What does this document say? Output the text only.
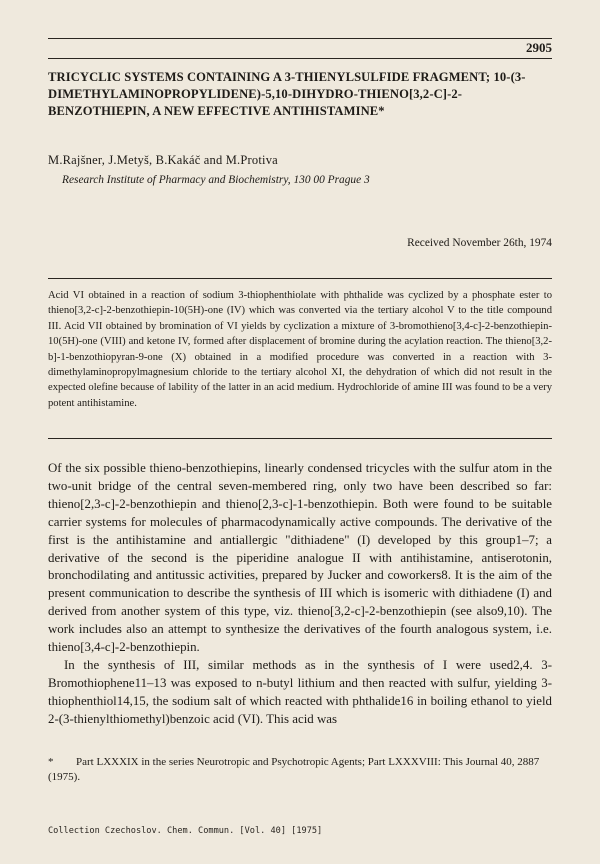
2905
TRICYCLIC SYSTEMS CONTAINING A 3-THIENYLSULFIDE FRAGMENT; 10-(3-DIMETHYLAMINOPROPYLIDENE)-5,10-DIHYDRO-THIENO[3,2-C]-2-BENZOTHIEPIN, A NEW EFFECTIVE ANTIHISTAMINE*
M.Rajšner, J.Metyš, B.Kakáč and M.Protiva
Research Institute of Pharmacy and Biochemistry, 130 00 Prague 3
Received November 26th, 1974
Acid VI obtained in a reaction of sodium 3-thiophenthiolate with phthalide was cyclized by a phosphate ester to thieno[3,2-c]-2-benzothiepin-10(5H)-one (IV) which was converted via the tertiary alcohol V to the title compound III. Acid VII obtained by bromination of VI yields by cyclization a mixture of 3-bromothieno[3,4-c]-2-benzothiepin-10(5H)-one (VIII) and ketone IV, formed after displacement of bromine during the acylation reaction. The thieno[3,2-b]-1-benzothiopyran-9-one (X) obtained in a modified procedure was converted in a reaction with 3-dimethylaminopropylmagnesium chloride to the tertiary alcohol XI, the dehydration of which did not result in the expected olefine because of lability of the latter in an acid medium. Hydrochloride of amine III was found to be a very potent antihistamine.

Of the six possible thieno-benzothiepins, linearly condensed tricycles with the sulfur atom in the two-unit bridge of the central seven-membered ring, only two have been described so far: thieno[2,3-c]-2-benzothiepin and thieno[2,3-c]-1-benzothiepin. Both were found to be suitable carrier systems for molecules of pharmacodynamically active compounds. The derivative of the first is the antihistamine and antiallergic "dithiadene" (I) developed by this group1–7; a derivative of the second is the piperidine analogue II with antihistamine, antiserotonin, bronchodilating and antitussic activities, prepared by Jucker and coworkers8. It is the aim of the present communication to describe the synthesis of III which is isomeric with dithiadene (I) and derived from another system of this type, viz. thieno[3,2-c]-2-benzothiepin (see also9,10). The work includes also an attempt to synthesize the derivatives of the fourth analogous system, i.e. thieno[3,4-c]-2-benzothiepin.

In the synthesis of III, similar methods as in the synthesis of I were used2,4. 3-Bromothiophene11–13 was exposed to n-butyl lithium and then reacted with sulfur, yielding 3-thiophenthiol14,15, the sodium salt of which reacted with phthalide16 in boiling ethanol to yield 2-(3-thienylthiomethyl)benzoic acid (VI). This acid was

* Part LXXXIX in the series Neurotropic and Psychotropic Agents; Part LXXXVIII: This Journal 40, 2887 (1975).
Collection Czechoslov. Chem. Commun. [Vol. 40] [1975]
